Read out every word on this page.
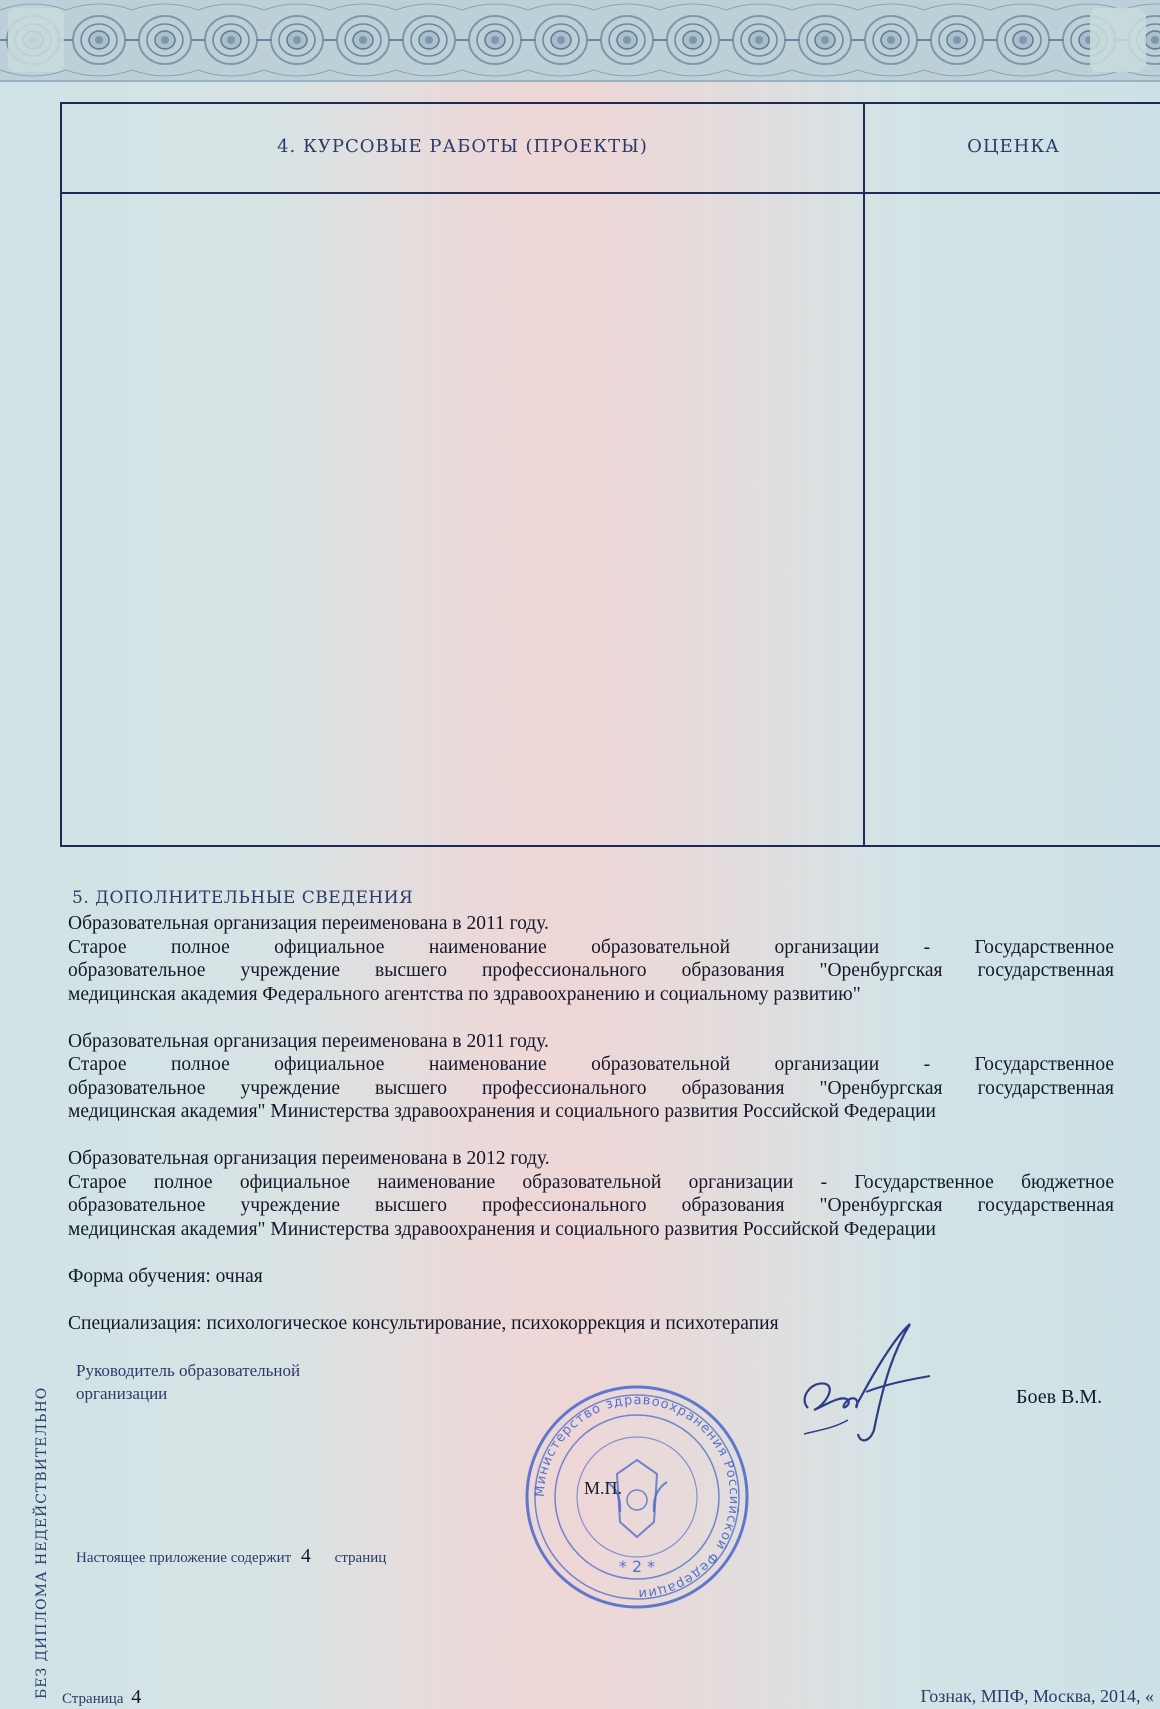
4. КУРСОВЫЕ РАБОТЫ (ПРОЕКТЫ)	ОЦЕНКА
5. ДОПОЛНИТЕЛЬНЫЕ СВЕДЕНИЯ
Образовательная организация переименована в 2011 году.
Старое полное официальное наименование образовательной организации - Государственное
образовательное учреждение высшего профессионального образования "Оренбургская государственная
медицинская академия Федерального агентства по здравоохранению и социальному развитию"
Образовательная организация переименована в 2011 году.
Старое полное официальное наименование образовательной организации - Государственное
образовательное учреждение высшего профессионального образования "Оренбургская государственная
медицинская академия" Министерства здравоохранения и социального развития Российской Федерации
Образовательная организация переименована в 2012 году.
Старое полное официальное наименование образовательной организации - Государственное бюджетное
образовательное учреждение высшего профессионального образования "Оренбургская государственная
медицинская академия" Министерства здравоохранения и социального развития Российской Федерации
Форма обучения: очная
Специализация: психологическое консультирование, психокоррекция и психотерапия
Руководитель образовательной
организации	Боев В.М.
Министерство здравоохранения Российской Федерации
* 2 *
М.П.
Настоящее приложение содержит 4 страниц
Страница 4	Гознак, МПФ, Москва, 2014, «
БЕЗ ДИПЛОМА НЕДЕЙСТВИТЕЛЬНО
